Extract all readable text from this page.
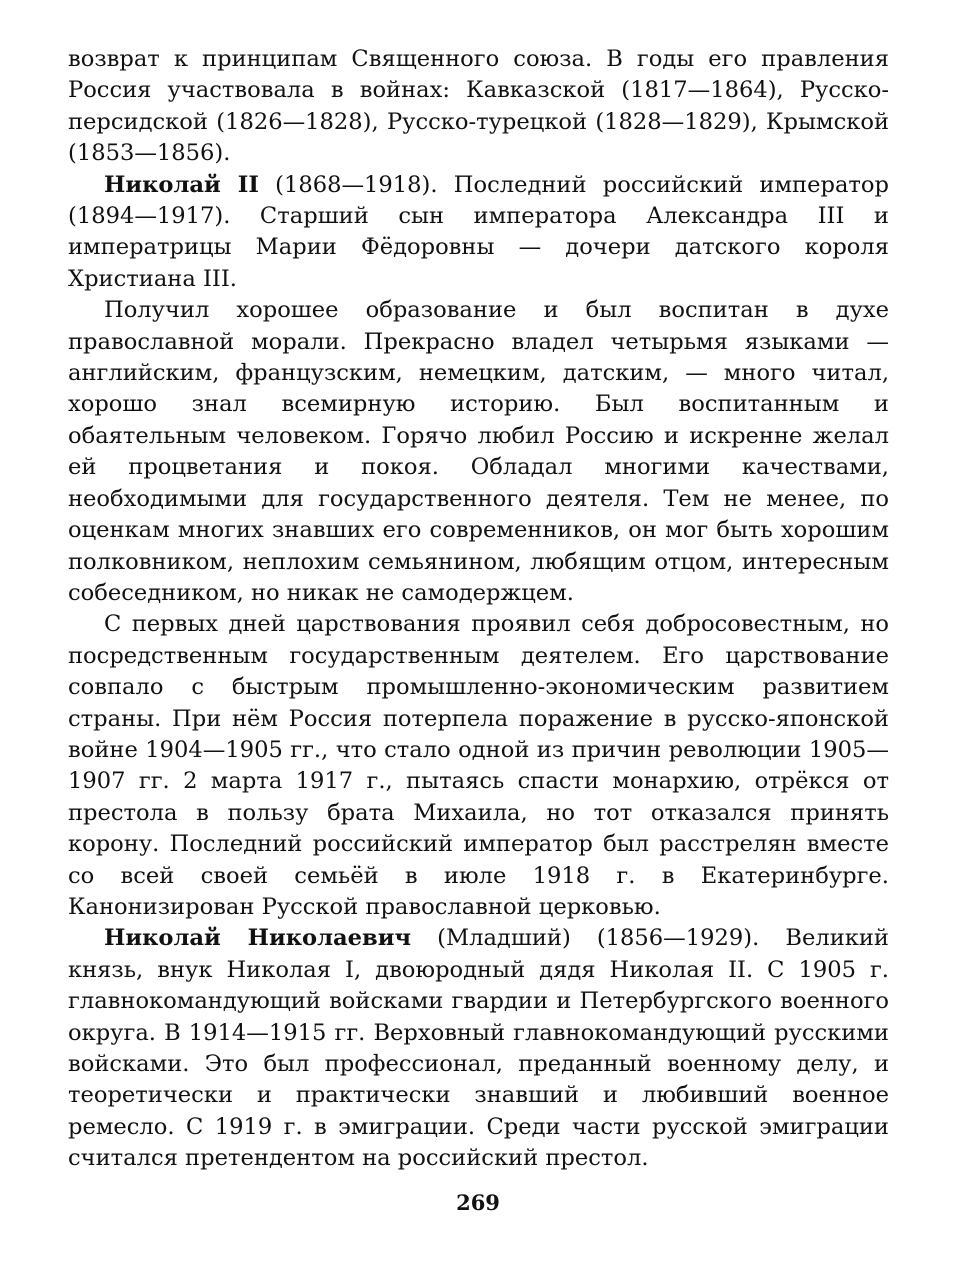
возврат к принципам Священного союза. В годы его правления Россия участвовала в войнах: Кавказской (1817—1864), Русско-персидской (1826—1828), Русско-турецкой (1828—1829), Крымской (1853—1856).

Николай II (1868—1918). Последний российский император (1894—1917). Старший сын императора Александра III и императрицы Марии Фёдоровны — дочери датского короля Христиана III.

Получил хорошее образование и был воспитан в духе православной морали. Прекрасно владел четырьмя языками — английским, французским, немецким, датским, — много читал, хорошо знал всемирную историю. Был воспитанным и обаятельным человеком. Горячо любил Россию и искренне желал ей процветания и покоя. Обладал многими качествами, необходимыми для государственного деятеля. Тем не менее, по оценкам многих знавших его современников, он мог быть хорошим полковником, неплохим семьянином, любящим отцом, интересным собеседником, но никак не самодержцем.

С первых дней царствования проявил себя добросовестным, но посредственным государственным деятелем. Его царствование совпало с быстрым промышленно-экономическим развитием страны. При нём Россия потерпела поражение в русско-японской войне 1904—1905 гг., что стало одной из причин революции 1905—1907 гг. 2 марта 1917 г., пытаясь спасти монархию, отрёкся от престола в пользу брата Михаила, но тот отказался принять корону. Последний российский император был расстрелян вместе со всей своей семьёй в июле 1918 г. в Екатеринбурге. Канонизирован Русской православной церковью.

Николай Николаевич (Младший) (1856—1929). Великий князь, внук Николая I, двоюродный дядя Николая II. С 1905 г. главнокомандующий войсками гвардии и Петербургского военного округа. В 1914—1915 гг. Верховный главнокомандующий русскими войсками. Это был профессионал, преданный военному делу, и теоретически и практически знавший и любивший военное ремесло. С 1919 г. в эмиграции. Среди части русской эмиграции считался претендентом на российский престол.

269
